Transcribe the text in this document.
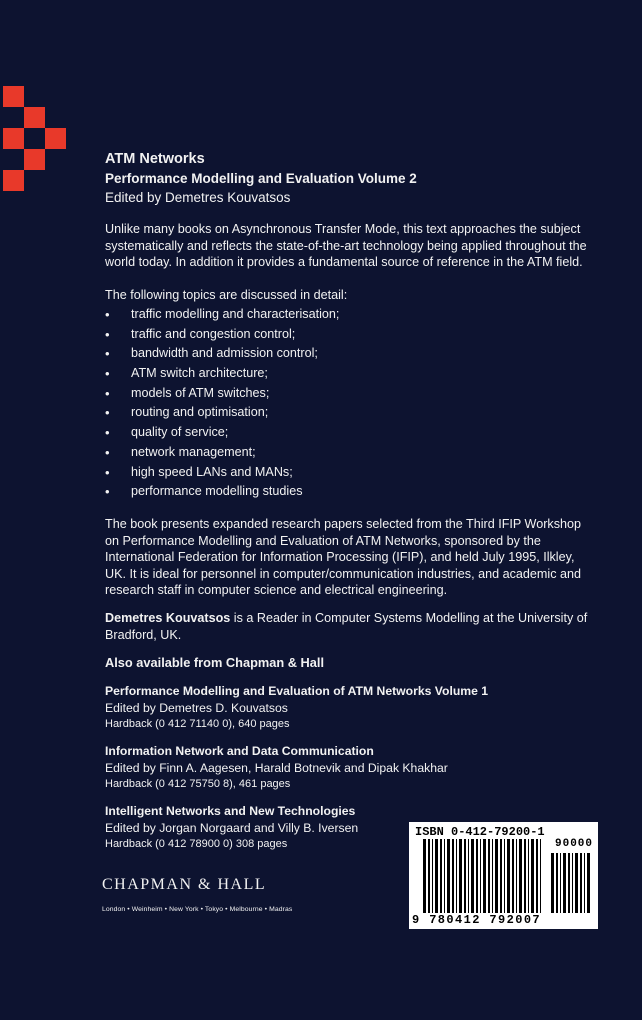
ATM Networks
Performance Modelling and Evaluation Volume 2
Edited by Demetres Kouvatsos
Unlike many books on Asynchronous Transfer Mode, this text approaches the subject systematically and reflects the state-of-the-art technology being applied throughout the world today. In addition it provides a fundamental source of reference in the ATM field.
The following topics are discussed in detail:
• traffic modelling and characterisation;
• traffic and congestion control;
• bandwidth and admission control;
• ATM switch architecture;
• models of ATM switches;
• routing and optimisation;
• quality of service;
• network management;
• high speed LANs and MANs;
• performance modelling studies
The book presents expanded research papers selected from the Third IFIP Workshop on Performance Modelling and Evaluation of ATM Networks, sponsored by the International Federation for Information Processing (IFIP), and held July 1995, Ilkley, UK. It is ideal for personnel in computer/communication industries, and academic and research staff in computer science and electrical engineering.
Demetres Kouvatsos is a Reader in Computer Systems Modelling at the University of Bradford, UK.
Also available from Chapman & Hall
Performance Modelling and Evaluation of ATM Networks Volume 1
Edited by Demetres D. Kouvatsos
Hardback (0 412 71140 0), 640 pages
Information Network and Data Communication
Edited by Finn A. Aagesen, Harald Botnevik and Dipak Khakhar
Hardback (0 412 75750 8), 461 pages
Intelligent Networks and New Technologies
Edited by Jorgan Norgaard and Villy B. Iversen
Hardback (0 412 78900 0) 308 pages
CHAPMAN & HALL
London • Weinheim • New York • Tokyo • Melbourne • Madras
ISBN 0-412-79200-1
90000
9 780412 792007
